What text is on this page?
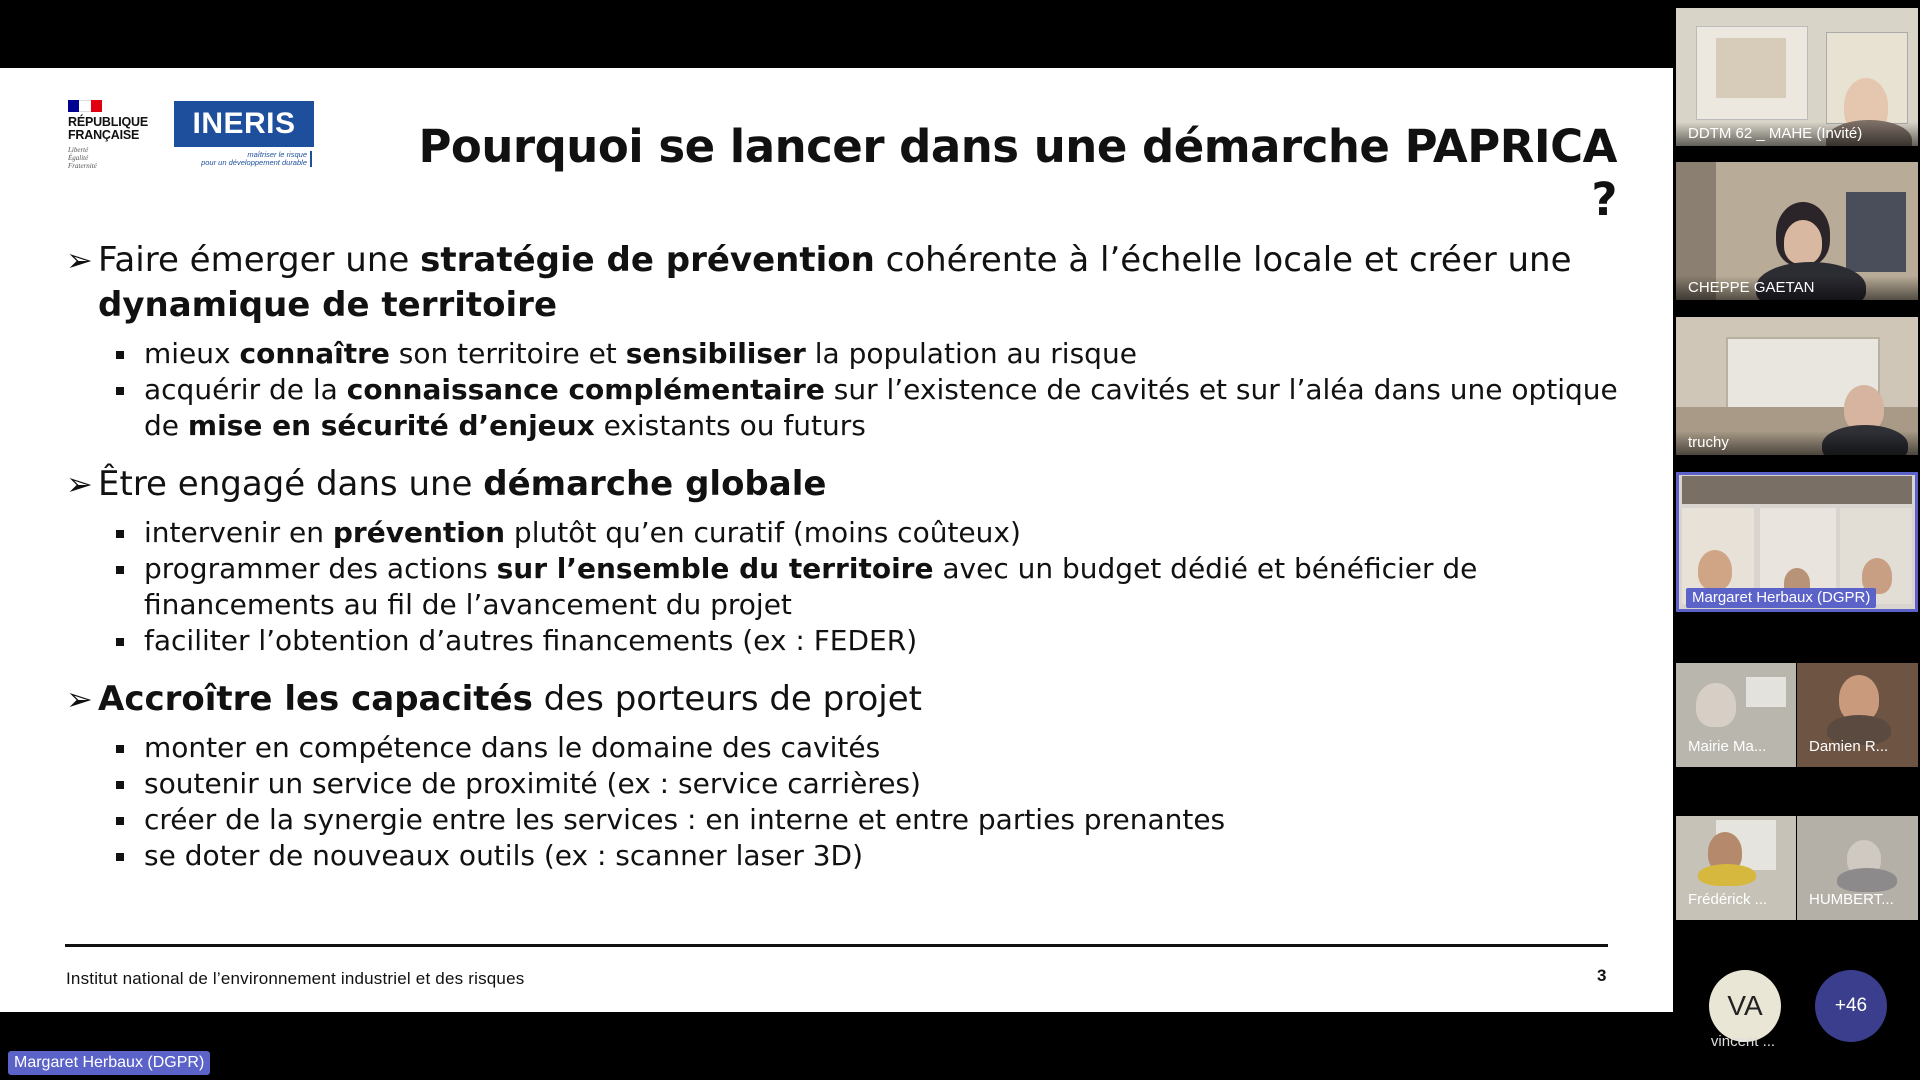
RÉPUBLIQUE
FRANÇAISE
Liberté
Égalité
Fraternité
INERIS
maîtriser le risque
pour un développement durable	Pourquoi se lancer dans une démarche PAPRICA ?
➢ Faire émerger une stratégie de prévention cohérente à l’échelle locale et créer une dynamique de territoire
mieux connaître son territoire et sensibiliser la population au risque
acquérir de la connaissance complémentaire sur l’existence de cavités et sur l’aléa dans une optique de mise en sécurité d’enjeux existants ou futurs
➢ Être engagé dans une démarche globale
intervenir en prévention plutôt qu’en curatif (moins coûteux)
programmer des actions sur l’ensemble du territoire avec un budget dédié et bénéficier de financements au fil de l’avancement du projet
faciliter l’obtention d’autres financements (ex : FEDER)
➢ Accroître les capacités des porteurs de projet
monter en compétence dans le domaine des cavités
soutenir un service de proximité (ex : service carrières)
créer de la synergie entre les services : en interne et entre parties prenantes
se doter de nouveaux outils (ex : scanner laser 3D)
Institut national de l’environnement industriel et des risques	3
Margaret Herbaux (DGPR)
DDTM 62 _ MAHE (Invité)
CHEPPE GAETAN
truchy
Margaret Herbaux (DGPR)
Mairie Ma...	Damien R...
Frédérick ...	HUMBERT...
VA
vincent ...
+46
